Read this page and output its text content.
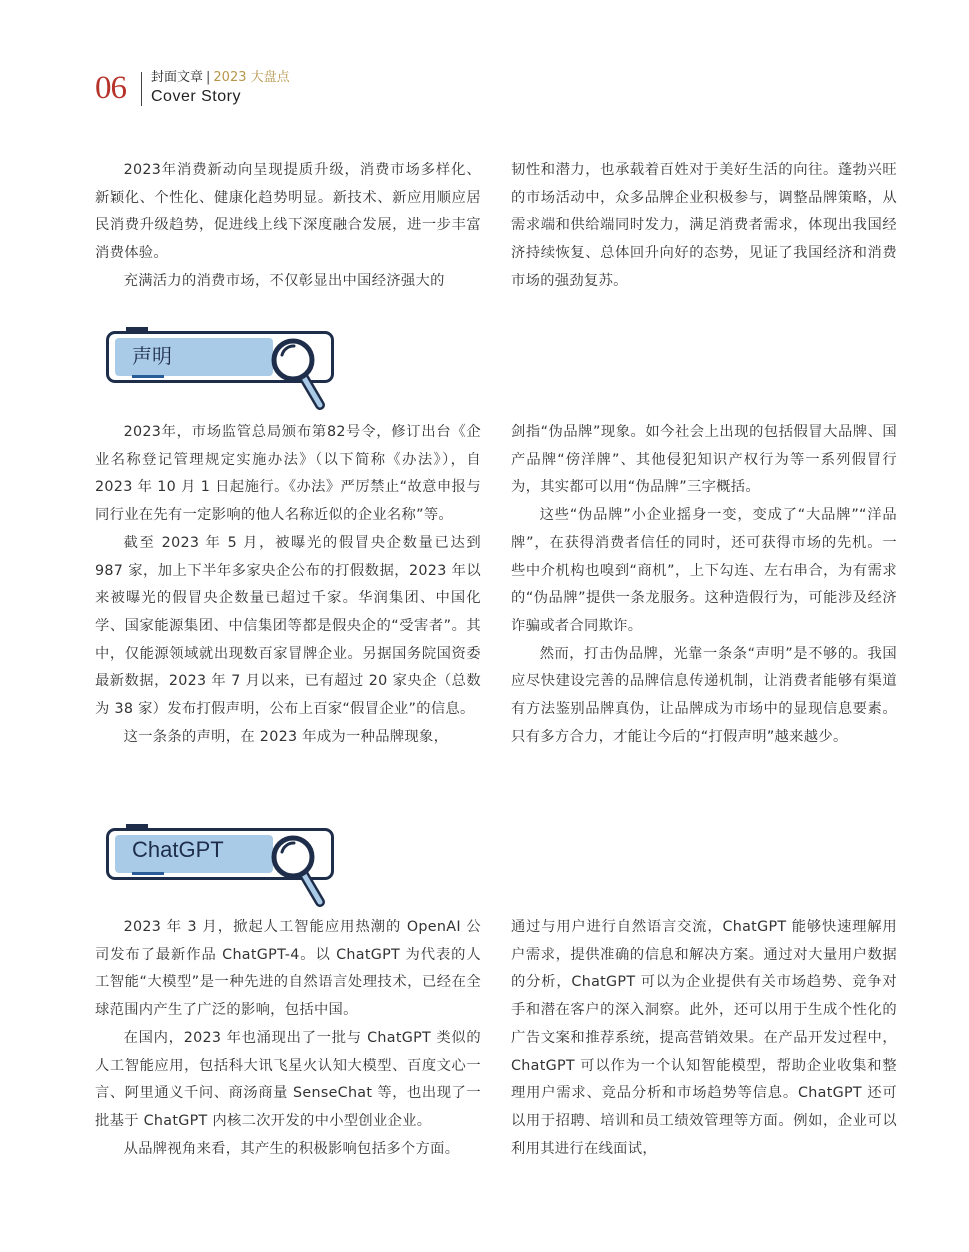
06 封面文章 | 2023 大盘点
Cover Story

2023年消费新动向呈现提质升级，消费市场多样化、新颖化、个性化、健康化趋势明显。新技术、新应用顺应居民消费升级趋势，促进线上线下深度融合发展，进一步丰富消费体验。

充满活力的消费市场，不仅彰显出中国经济强大的

韧性和潜力，也承载着百姓对于美好生活的向往。蓬勃兴旺的市场活动中，众多品牌企业积极参与，调整品牌策略，从需求端和供给端同时发力，满足消费者需求，体现出我国经济持续恢复、总体回升向好的态势，见证了我国经济和消费市场的强劲复苏。

声明

2023年，市场监管总局颁布第82号令，修订出台《企业名称登记管理规定实施办法》（以下简称《办法》），自 2023 年 10 月 1 日起施行。《办法》严厉禁止“故意申报与同行业在先有一定影响的他人名称近似的企业名称”等。

截至 2023 年 5 月，被曝光的假冒央企数量已达到 987 家，加上下半年多家央企公布的打假数据，2023 年以来被曝光的假冒央企数量已超过千家。华润集团、中国化学、国家能源集团、中信集团等都是假央企的“受害者”。其中，仅能源领域就出现数百家冒牌企业。另据国务院国资委最新数据，2023 年 7 月以来，已有超过 20 家央企（总数为 38 家）发布打假声明，公布上百家“假冒企业”的信息。

这一条条的声明，在 2023 年成为一种品牌现象，

剑指“伪品牌”现象。如今社会上出现的包括假冒大品牌、国产品牌“傍洋牌”、其他侵犯知识产权行为等一系列假冒行为，其实都可以用“伪品牌”三字概括。

这些“伪品牌”小企业摇身一变，变成了“大品牌”“洋品牌”，在获得消费者信任的同时，还可获得市场的先机。一些中介机构也嗅到“商机”，上下勾连、左右串合，为有需求的“伪品牌”提供一条龙服务。这种造假行为，可能涉及经济诈骗或者合同欺诈。

然而，打击伪品牌，光靠一条条“声明”是不够的。我国应尽快建设完善的品牌信息传递机制，让消费者能够有渠道有方法鉴别品牌真伪，让品牌成为市场中的显现信息要素。只有多方合力，才能让今后的“打假声明”越来越少。

ChatGPT

2023 年 3 月，掀起人工智能应用热潮的 OpenAI 公司发布了最新作品 ChatGPT-4。以 ChatGPT 为代表的人工智能“大模型”是一种先进的自然语言处理技术，已经在全球范围内产生了广泛的影响，包括中国。

在国内，2023 年也涌现出了一批与 ChatGPT 类似的人工智能应用，包括科大讯飞星火认知大模型、百度文心一言、阿里通义千问、商汤商量 SenseChat 等，也出现了一批基于 ChatGPT 内核二次开发的中小型创业企业。

从品牌视角来看，其产生的积极影响包括多个方面。

通过与用户进行自然语言交流，ChatGPT 能够快速理解用户需求，提供准确的信息和解决方案。通过对大量用户数据的分析，ChatGPT 可以为企业提供有关市场趋势、竞争对手和潜在客户的深入洞察。此外，还可以用于生成个性化的广告文案和推荐系统，提高营销效果。在产品开发过程中，ChatGPT 可以作为一个认知智能模型，帮助企业收集和整理用户需求、竞品分析和市场趋势等信息。ChatGPT 还可以用于招聘、培训和员工绩效管理等方面。例如，企业可以利用其进行在线面试，
